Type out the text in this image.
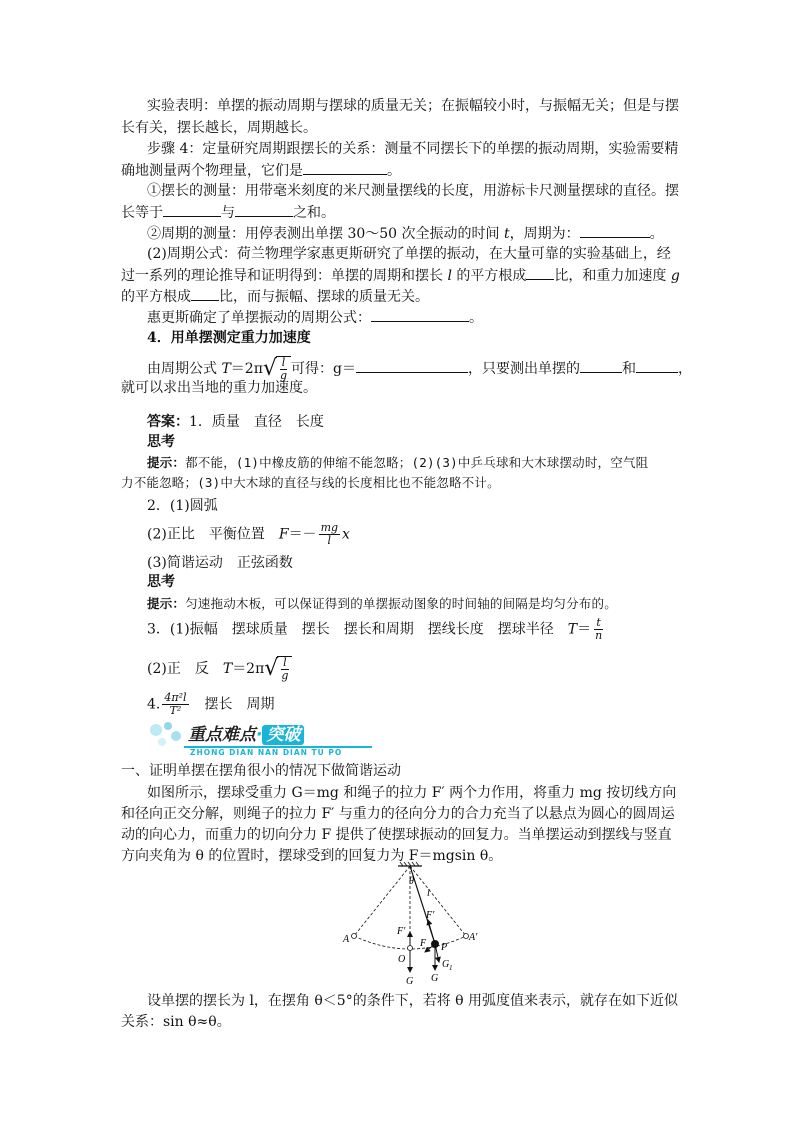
实验表明：单摆的振动周期与摆球的质量无关；在振幅较小时，与振幅无关；但是与摆
长有关，摆长越长，周期越长。
步骤 4：定量研究周期跟摆长的关系：测量不同摆长下的单摆的振动周期，实验需要精
确地测量两个物理量，它们是	。
①摆长的测量：用带毫米刻度的米尺测量摆线的长度，用游标卡尺测量摆球的直径。摆
长等于	与	之和。
②周期的测量：用停表测出单摆 30～50 次全振动的时间 t，周期为：	。
(2)周期公式：荷兰物理学家惠更斯研究了单摆的振动，在大量可靠的实验基础上，经
过一系列的理论推导和证明得到：单摆的周期和摆长 l 的平方根成 比，和重力加速度 g
的平方根成 比，而与振幅、摆球的质量无关。
惠更斯确定了单摆振动的周期公式：	。
4．用单摆测定重力加速度
由周期公式 T＝2π √ $\frac{l}{g}$ 可得：g＝	，只要测出单摆的	和	，
就可以求出当地的重力加速度。
答案：1．质量　直径　长度
思考
提示：都不能，(1)中橡皮筋的伸缩不能忽略；(2)(3)中乒乓球和大木球摆动时，空气阻
力不能忽略；(3)中大木球的直径与线的长度相比也不能忽略不计。
2．(1)圆弧
(2)正比　平衡位置　$F=- \frac{mg}{l}$ x
(3)简谐运动　正弦函数
思考
提示：匀速拖动木板，可以保证得到的单摆振动图象的时间轴的间隔是均匀分布的。
3．(1)振幅　摆球质量　摆长　摆长和周期　摆线长度　摆球半径　$T= \frac{t}{n}$
(2)正　反　T＝2π √ $\frac{l}{g}$
4. $\frac{\text{4π²l}}{\text{T²}}$ 　摆长　周期
重点难点· 突破
ZHONG DIAN NAN DIAN TU PO
一、证明单摆在摆角很小的情况下做简谐运动
如图所示，摆球受重力 G＝mg 和绳子的拉力 F′ 两个力作用，将重力 mg 按切线方向
和径向正交分解，则绳子的拉力 F′ 与重力的径向分力的合力充当了以悬点为圆心的圆周运
动的向心力，而重力的切向分力 F 提供了使摆球振动的回复力。当单摆运动到摆线与竖直
方向夹角为 θ 的位置时，摆球受到的回复力为 F＝mgsin θ。
θ
l
F′
F′
A	A′
F P
O	G 1
G
G
设单摆的摆长为 l，在摆角 θ＜5°的条件下，若将 θ 用弧度值来表示，就存在如下近似
关系：sin θ≈θ。
